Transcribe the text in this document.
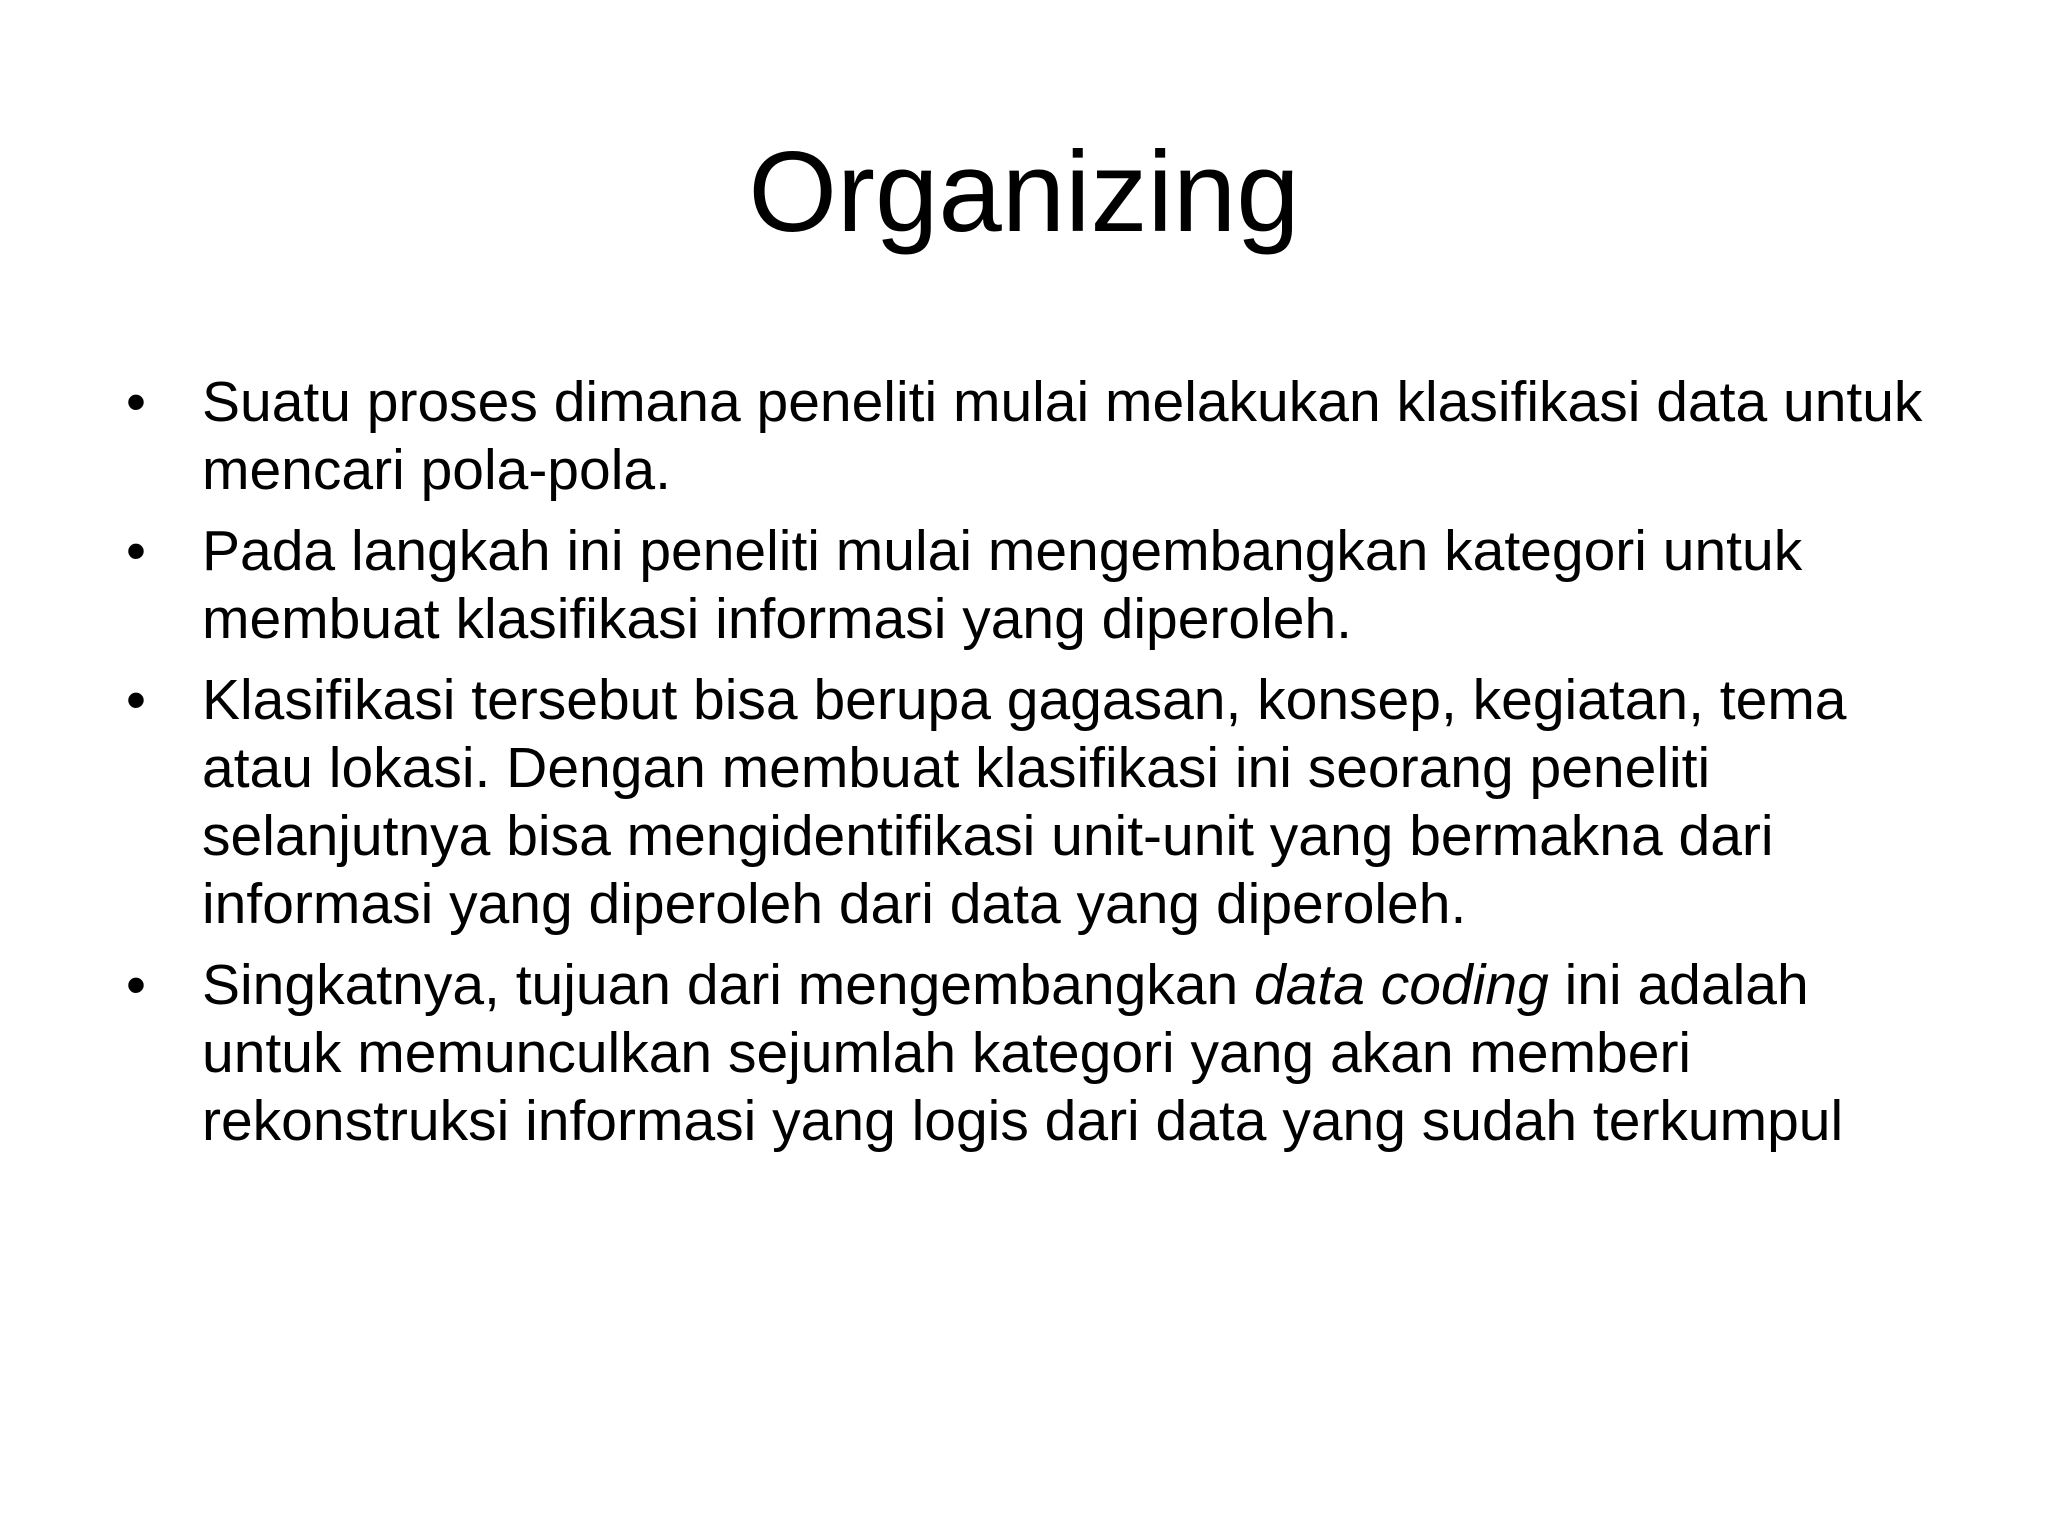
Organizing
• Suatu proses dimana peneliti mulai melakukan klasifikasi data untuk mencari pola-pola.
• Pada langkah ini peneliti mulai mengembangkan kategori untuk membuat klasifikasi informasi yang diperoleh.
• Klasifikasi tersebut bisa berupa gagasan, konsep, kegiatan, tema atau lokasi. Dengan membuat klasifikasi ini seorang peneliti selanjutnya bisa mengidentifikasi unit-unit yang bermakna dari informasi yang diperoleh dari data yang diperoleh.
• Singkatnya, tujuan dari mengembangkan data coding ini adalah untuk memunculkan sejumlah kategori yang akan memberi rekonstruksi informasi yang logis dari data yang sudah terkumpul
